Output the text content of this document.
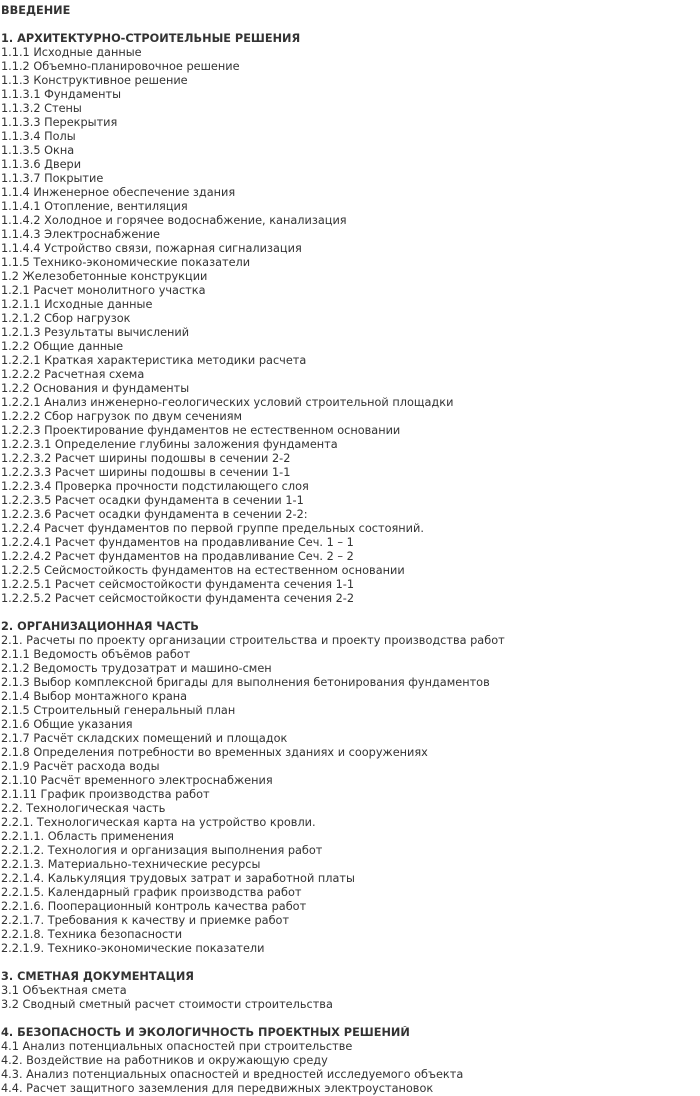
ВВЕДЕНИЕ
1. АРХИТЕКТУРНО-СТРОИТЕЛЬНЫЕ РЕШЕНИЯ
1.1.1 Исходные данные
1.1.2 Объемно-планировочное решение
1.1.3 Конструктивное решение
1.1.3.1 Фундаменты
1.1.3.2 Стены
1.1.3.3 Перекрытия
1.1.3.4 Полы
1.1.3.5 Окна
1.1.3.6 Двери
1.1.3.7 Покрытие
1.1.4 Инженерное обеспечение здания
1.1.4.1 Отопление, вентиляция
1.1.4.2 Холодное и горячее водоснабжение, канализация
1.1.4.3 Электроснабжение
1.1.4.4 Устройство связи, пожарная сигнализация
1.1.5 Технико-экономические показатели
1.2 Железобетонные конструкции
1.2.1 Расчет монолитного участка
1.2.1.1 Исходные данные
1.2.1.2 Сбор нагрузок
1.2.1.3 Результаты вычислений
1.2.2 Общие данные
1.2.2.1 Краткая характеристика методики расчета
1.2.2.2 Расчетная схема
1.2.2 Основания и фундаменты
1.2.2.1 Анализ инженерно-геологических условий строительной площадки
1.2.2.2 Сбор нагрузок по двум сечениям
1.2.2.3 Проектирование фундаментов не естественном основании
1.2.2.3.1 Определение глубины заложения фундамента
1.2.2.3.2 Расчет ширины подошвы в сечении 2-2
1.2.2.3.3 Расчет ширины подошвы в сечении 1-1
1.2.2.3.4 Проверка прочности подстилающего слоя
1.2.2.3.5 Расчет осадки фундамента в сечении 1-1
1.2.2.3.6 Расчет осадки фундамента в сечении 2-2:
1.2.2.4 Расчет фундаментов по первой группе предельных состояний.
1.2.2.4.1 Расчет фундаментов на продавливание Сеч. 1 – 1
1.2.2.4.2 Расчет фундаментов на продавливание Сеч. 2 – 2
1.2.2.5 Сейсмостойкость фундаментов на естественном основании
1.2.2.5.1 Расчет сейсмостойкости фундамента сечения 1-1
1.2.2.5.2 Расчет сейсмостойкости фундамента сечения 2-2
2. ОРГАНИЗАЦИОННАЯ ЧАСТЬ
2.1. Расчеты по проекту организации строительства и проекту производства работ
2.1.1 Ведомость объёмов работ
2.1.2 Ведомость трудозатрат и машино-смен
2.1.3 Выбор комплексной бригады для выполнения бетонирования фундаментов
2.1.4 Выбор монтажного крана
2.1.5 Строительный генеральный план
2.1.6 Общие указания
2.1.7 Расчёт складских помещений и площадок
2.1.8 Определения потребности во временных зданиях и сооружениях
2.1.9 Расчёт расхода воды
2.1.10 Расчёт временного электроснабжения
2.1.11 График производства работ
2.2. Технологическая часть
2.2.1. Технологическая карта на устройство кровли.
2.2.1.1. Область применения
2.2.1.2. Технология и организация выполнения работ
2.2.1.3. Материально-технические ресурсы
2.2.1.4. Калькуляция трудовых затрат и заработной платы
2.2.1.5. Календарный график производства работ
2.2.1.6. Пооперационный контроль качества работ
2.2.1.7. Требования к качеству и приемке работ
2.2.1.8. Техника безопасности
2.2.1.9. Технико-экономические показатели
3. СМЕТНАЯ ДОКУМЕНТАЦИЯ
3.1 Объектная смета
3.2 Сводный сметный расчет стоимости строительства
4. БЕЗОПАСНОСТЬ И ЭКОЛОГИЧНОСТЬ ПРОЕКТНЫХ РЕШЕНИЙ
4.1 Анализ потенциальных опасностей при строительстве
4.2. Воздействие на работников и окружающую среду
4.3. Анализ потенциальных опасностей и вредностей исследуемого объекта
4.4. Расчет защитного заземления для передвижных электроустановок
